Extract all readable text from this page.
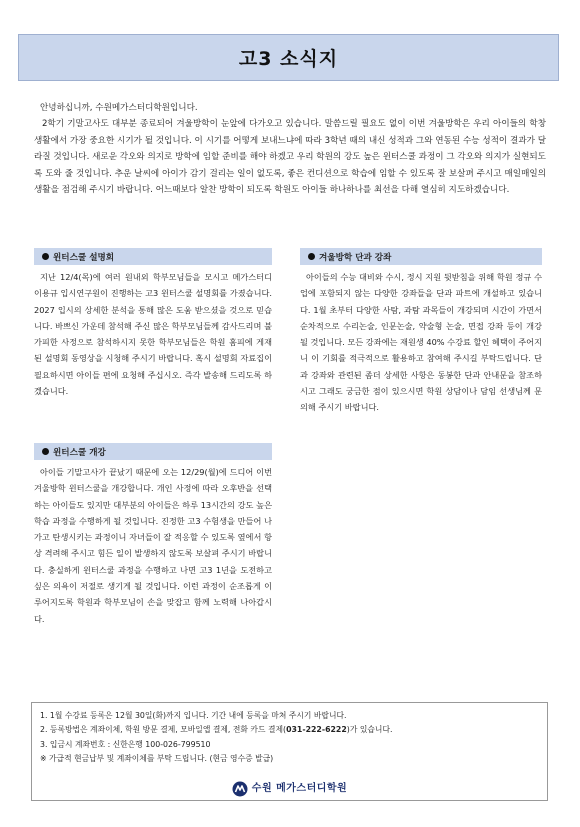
고3 소식지

안녕하십니까, 수원메가스터디학원입니다.

2학기 기말고사도 대부분 종료되어 겨울방학이 눈앞에 다가오고 있습니다. 말씀드릴 필요도 없이 이번 겨울방학은 우리 아이들의 학창 생활에서 가장 중요한 시기가 될 것입니다. 이 시기를 어떻게 보내느냐에 따라 3학년 때의 내신 성적과 그와 연동된 수능 성적이 결과가 달라질 것입니다. 새로운 각오와 의지로 방학에 임할 준비를 해야 하겠고 우리 학원의 강도 높은 윈터스쿨 과정이 그 각오와 의지가 실현되도록 도와 줄 것입니다. 추운 날씨에 아이가 감기 걸리는 일이 없도록, 좋은 컨디션으로 학습에 임할 수 있도록 잘 보살펴 주시고 매일매일의 생활을 점검해 주시기 바랍니다. 어느때보다 알찬 방학이 되도록 학원도 아이들 하나하나를 최선을 다해 열심히 지도하겠습니다.

윈터스쿨 설명회
지난 12/4(목)에 여러 원내외 학부모님들을 모시고 메가스터디 이용규 입시연구원이 진행하는 고3 윈터스쿨 설명회를 가졌습니다. 2027 입시의 상세한 분석을 통해 많은 도움 받으셨을 것으로 믿습니다. 바쁘신 가운데 참석해 주신 많은 학부모님들께 감사드리며 불가피한 사정으로 참석하시지 못한 학부모님들은 학원 홈피에 게재된 설명회 동영상을 시청해 주시기 바랍니다. 혹시 설명회 자료집이 필요하시면 아이들 편에 요청해 주십시오. 즉각 발송해 드리도록 하겠습니다.
윈터스쿨 개강
아이들 기말고사가 끝났기 때문에 오는 12/29(월)에 드디어 이번 겨울방학 윈터스쿨을 개강합니다. 개인 사정에 따라 오후반을 선택하는 아이들도 있지만 대부분의 아이들은 하루 13시간의 강도 높은 학습 과정을 수행하게 될 것입니다. 진정한 고3 수험생을 만들어 나가고 탄생시키는 과정이니 자녀들이 잘 적응할 수 있도록 옆에서 항상 격려해 주시고 힘든 일이 발생하지 않도록 보살펴 주시기 바랍니다. 충실하게 윈터스쿨 과정을 수행하고 나면 고3 1년을 도전하고 싶은 의욕이 저절로 생기게 될 것입니다. 이런 과정이 순조롭게 이루어지도록 학원과 학부모님이 손을 맞잡고 함께 노력해 나아갑시다.
겨울방학 단과 강좌
아이들의 수능 대비와 수시, 정시 지원 뒷받침을 위해 학원 정규 수업에 포함되지 않는 다양한 강좌들을 단과 파트에 개설하고 있습니다. 1월 초부터 다양한 사탐, 과탐 과목들이 개강되며 시간이 가면서 순차적으로 수리논술, 인문논술, 약술형 논술, 면접 강좌 등이 개강될 것입니다. 모든 강좌에는 재원생 40% 수강료 할인 혜택이 주어지니 이 기회를 적극적으로 활용하고 참여해 주시길 부탁드립니다. 단과 강좌와 관련된 좀더 상세한 사항은 동봉한 단과 안내문을 참조하시고 그래도 궁금한 점이 있으시면 학원 상담이나 담임 선생님께 문의해 주시기 바랍니다.
1. 1월 수강료 등록은 12월 30일(화)까지 입니다. 기간 내에 등록을 마쳐 주시기 바랍니다.
2. 등록방법은 계좌이체, 학원 방문 결제, 모바일앱 결제, 전화 카드 결제(031-222-6222)가 있습니다.
3. 입금시 계좌번호 : 신한은행 100-026-799510
※ 가급적 현금납부 및 계좌이체를 부탁 드립니다. (현금 영수증 발급)
수원 메가스터디학원
